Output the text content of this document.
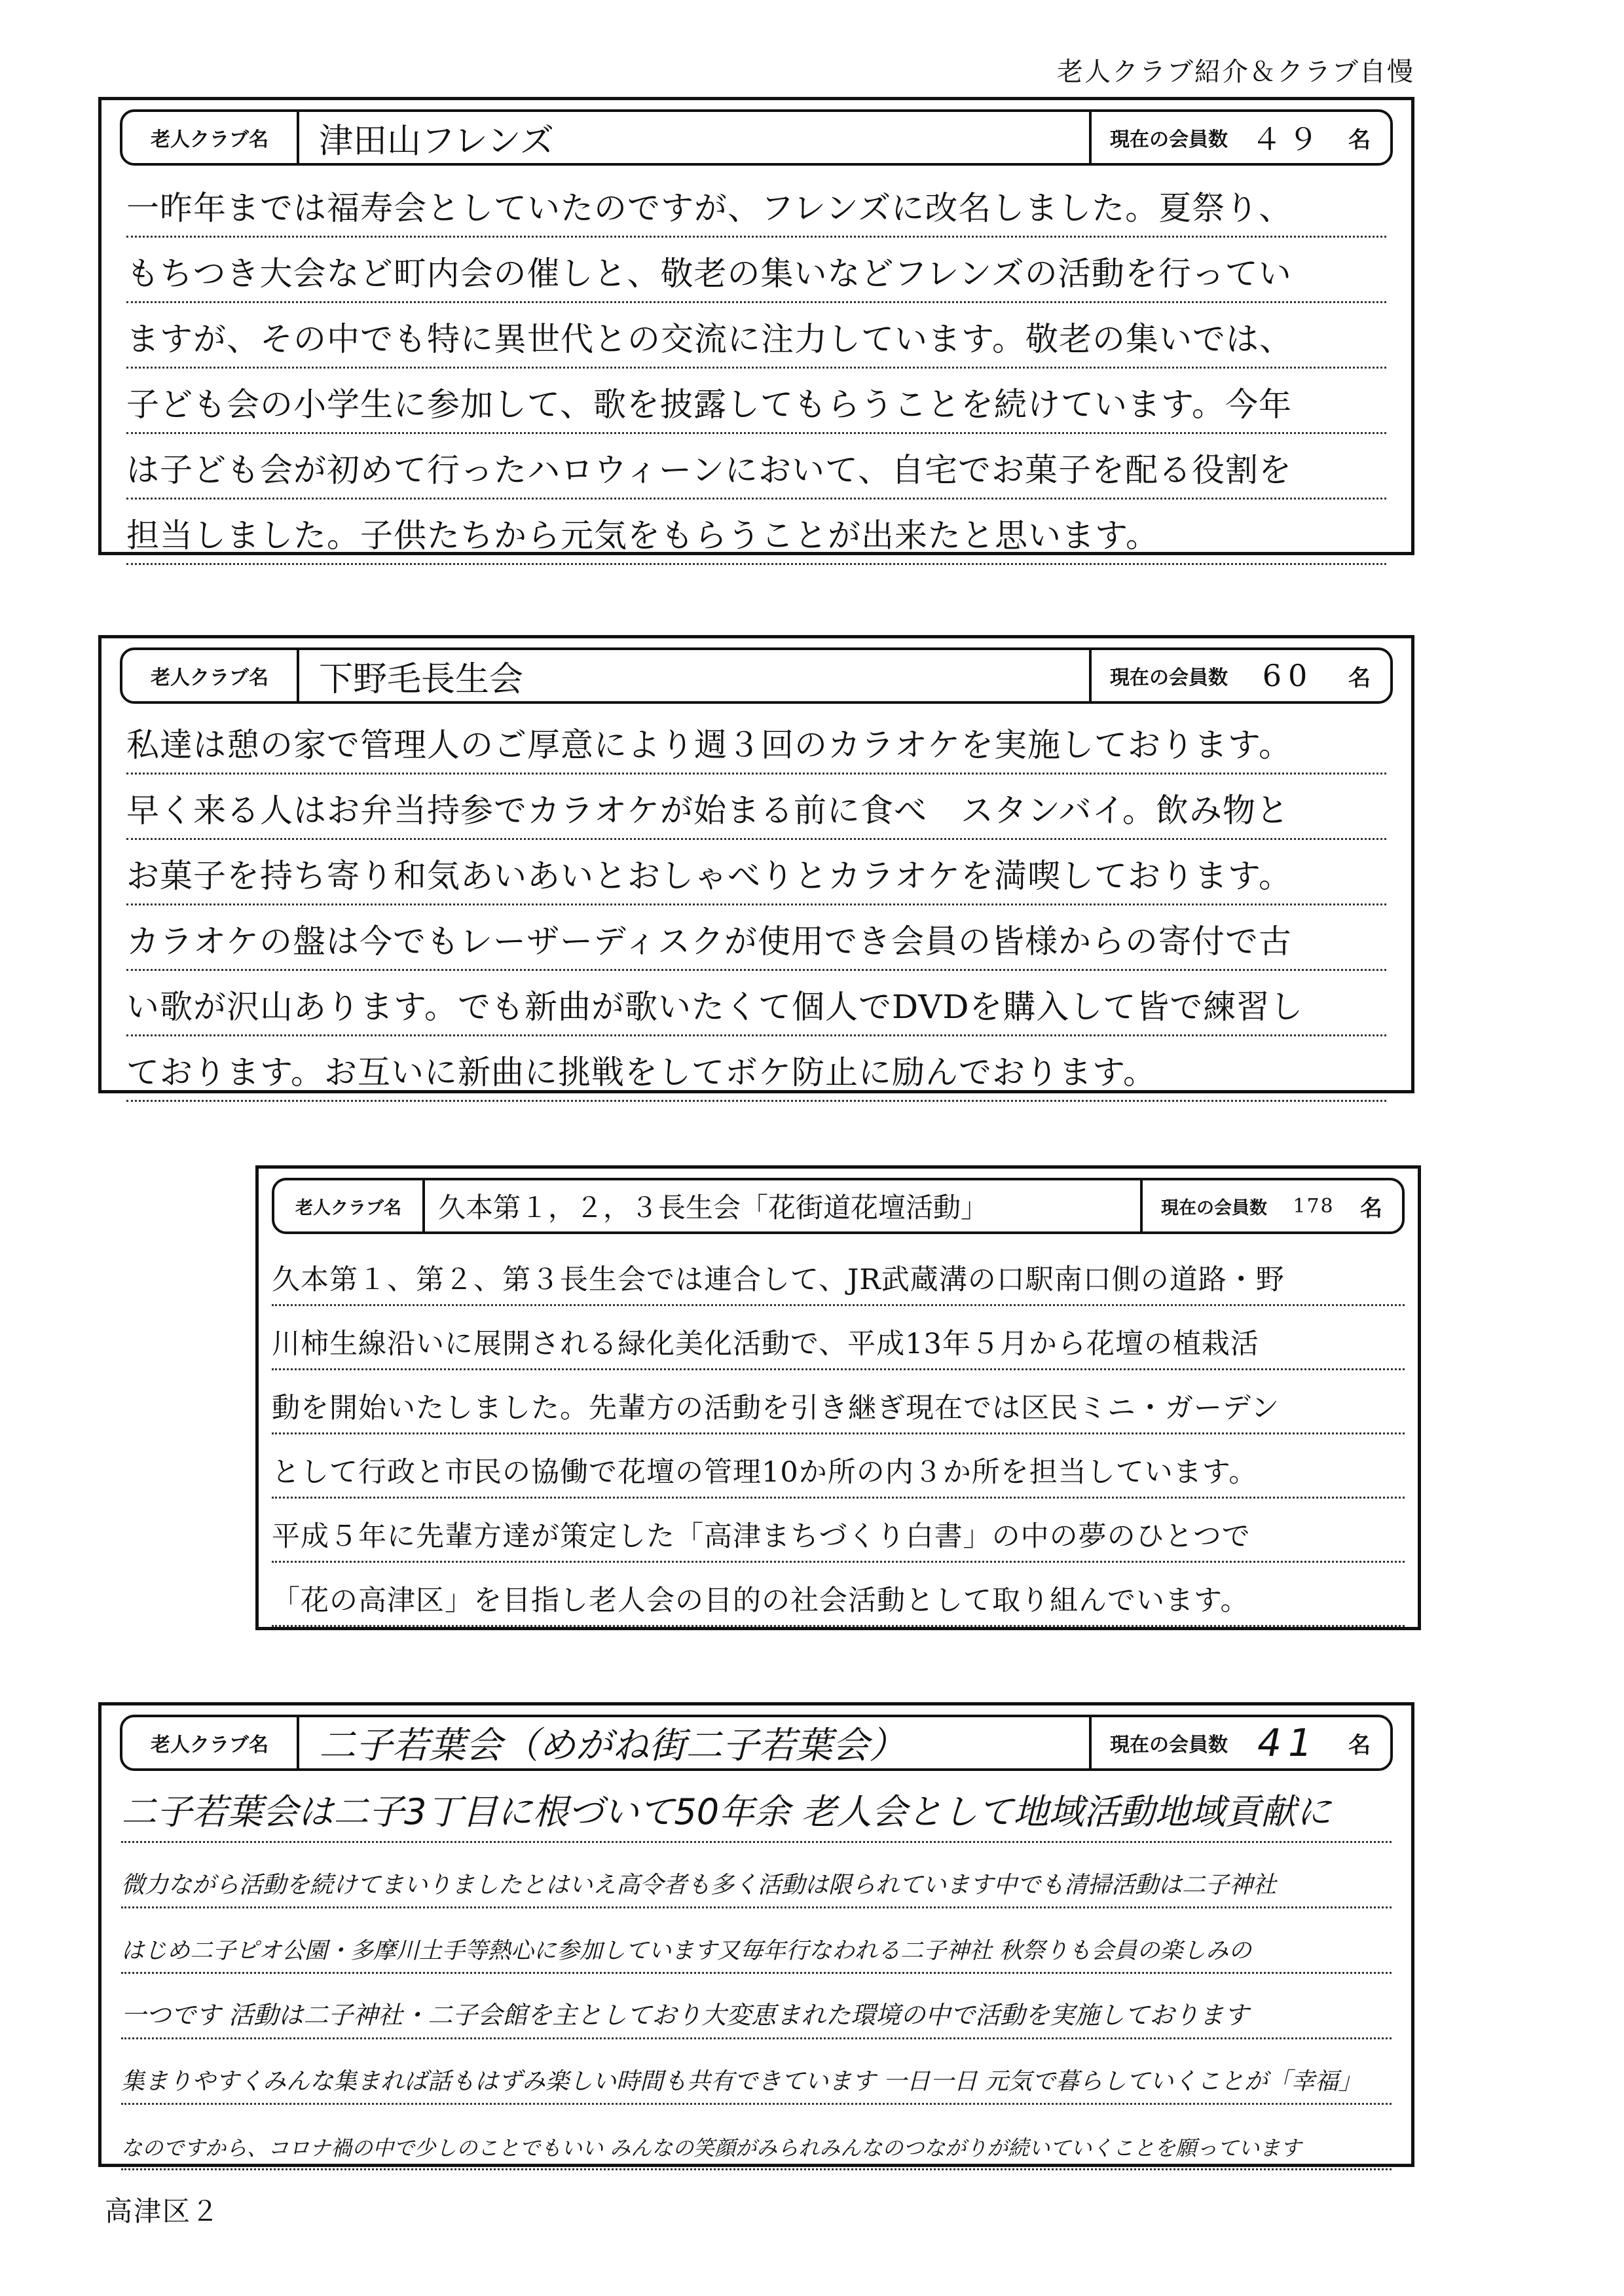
老人クラブ紹介＆クラブ自慢
老人クラブ名	津田山フレンズ	現在の会員数 ４９ 名
一昨年までは福寿会としていたのですが、フレンズに改名しました。夏祭り、
もちつき大会など町内会の催しと、敬老の集いなどフレンズの活動を行ってい
ますが、その中でも特に異世代との交流に注力しています。敬老の集いでは、
子ども会の小学生に参加して、歌を披露してもらうことを続けています。今年
は子ども会が初めて行ったハロウィーンにおいて、自宅でお菓子を配る役割を
担当しました。子供たちから元気をもらうことが出来たと思います。
老人クラブ名	下野毛長生会	現在の会員数 60 名
私達は憩の家で管理人のご厚意により週３回のカラオケを実施しております。
早く来る人はお弁当持参でカラオケが始まる前に食べ　スタンバイ。飲み物と
お菓子を持ち寄り和気あいあいとおしゃべりとカラオケを満喫しております。
カラオケの盤は今でもレーザーディスクが使用でき会員の皆様からの寄付で古
い歌が沢山あります。でも新曲が歌いたくて個人でDVDを購入して皆で練習し
ております。お互いに新曲に挑戦をしてボケ防止に励んでおります。
老人クラブ名	久本第１，２，３長生会「花街道花壇活動」	現在の会員数 178 名
久本第１、第２、第３長生会では連合して、JR武蔵溝の口駅南口側の道路・野
川柿生線沿いに展開される緑化美化活動で、平成13年５月から花壇の植栽活
動を開始いたしました。先輩方の活動を引き継ぎ現在では区民ミニ・ガーデン
として行政と市民の協働で花壇の管理10か所の内３か所を担当しています。
平成５年に先輩方達が策定した「高津まちづくり白書」の中の夢のひとつで
「花の高津区」を目指し老人会の目的の社会活動として取り組んでいます。
老人クラブ名	二子若葉会（めがね街二子若葉会）	現在の会員数 41 名
二子若葉会は二子3丁目に根づいて50年余 老人会として地域活動地域貢献に
微力ながら活動を続けてまいりましたとはいえ高令者も多く活動は限られています中でも清掃活動は二子神社
はじめ二子ピオ公園・多摩川土手等熱心に参加しています又毎年行なわれる二子神社 秋祭りも会員の楽しみの
一つです 活動は二子神社・二子会館を主としており大変恵まれた環境の中で活動を実施しております
集まりやすくみんな集まれば話もはずみ楽しい時間も共有できています 一日一日 元気で暮らしていくことが「幸福」
なのですから、コロナ禍の中で少しのことでもいい みんなの笑顔がみられみんなのつながりが続いていくことを願っています
高津区２
